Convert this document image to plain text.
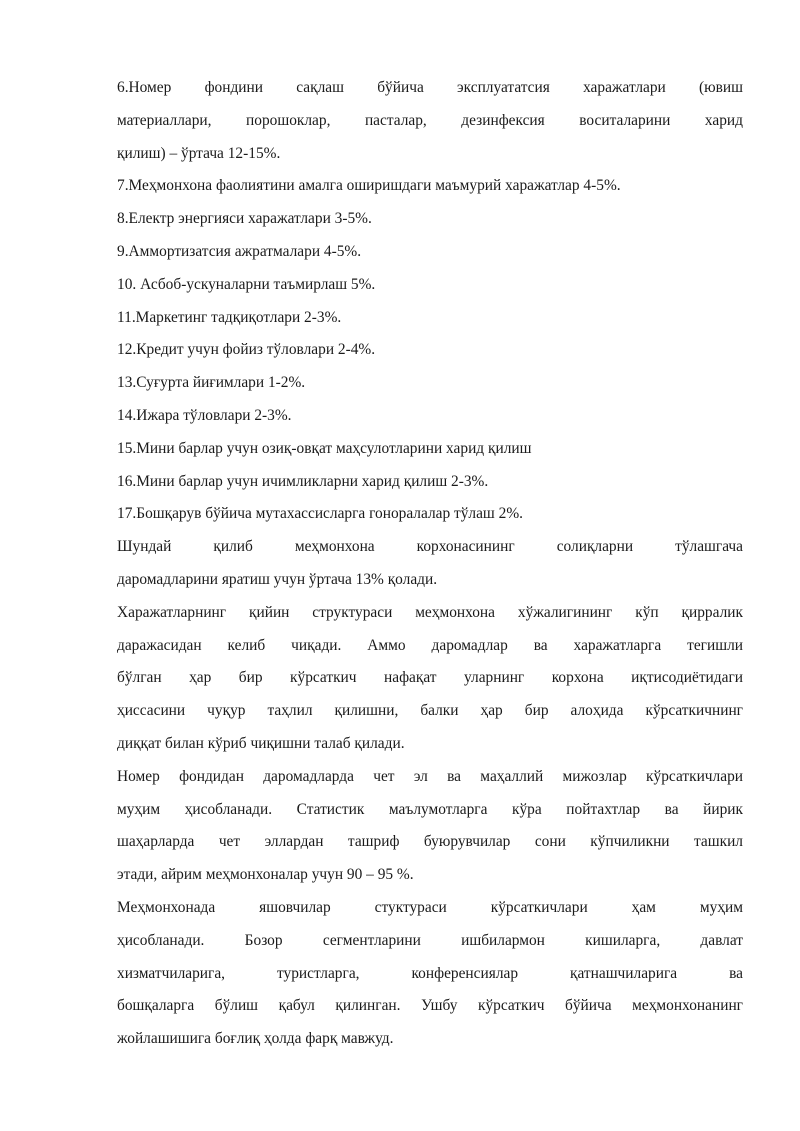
6.Номер фондини сақлаш бўйича эксплуататсия харажатлари (ювиш
материаллари, порошоклар, пасталар, дезинфексия воситаларини харид
қилиш) – ўртача 12-15%.
7.Меҳмонхона фаолиятини амалга оширишдаги маъмурий харажатлар 4-5%.
8.Електр энергияси харажатлари 3-5%.
9.Аммортизатсия ажратмалари 4-5%.
10. Асбоб-ускуналарни таъмирлаш 5%.
11.Маркетинг тадқиқотлари 2-3%.
12.Кредит учун фойиз тўловлари 2-4%.
13.Суғурта йиғимлари 1-2%.
14.Ижара тўловлари 2-3%.
15.Мини барлар учун озиқ-овқат маҳсулотларини харид қилиш
16.Мини барлар учун ичимликларни харид қилиш 2-3%.
17.Бошқарув бўйича мутахассисларга гоноралалар тўлаш 2%.
Шундай қилиб меҳмонхона корхонасининг солиқларни тўлашгача
даромадларини яратиш учун ўртача 13% қолади.
Харажатларнинг қийин структураси меҳмонхона хўжалигининг кўп қирралик
даражасидан келиб чиқади. Аммо даромадлар ва харажатларга тегишли
бўлган ҳар бир кўрсаткич нафақат уларнинг корхона иқтисодиётидаги
ҳиссасини чуқур таҳлил қилишни, балки ҳар бир алоҳида кўрсаткичнинг
диққат билан кўриб чиқишни талаб қилади.
Номер фондидан даромадларда чет эл ва маҳаллий мижозлар кўрсаткичлари
муҳим ҳисобланади. Статистик маълумотларга кўра пойтахтлар ва йирик
шаҳарларда чет эллардан ташриф буюрувчилар сони кўпчиликни ташкил
этади, айрим меҳмонхоналар учун 90 – 95 %.
Меҳмонхонада яшовчилар стуктураси кўрсаткичлари ҳам муҳим
ҳисобланади. Бозор сегментларини ишбилармон кишиларга, давлат
хизматчиларига, туристларга, конференсиялар қатнашчиларига ва
бошқаларга бўлиш қабул қилинган. Ушбу кўрсаткич бўйича меҳмонхонанинг
жойлашишига боғлиқ ҳолда фарқ мавжуд.
